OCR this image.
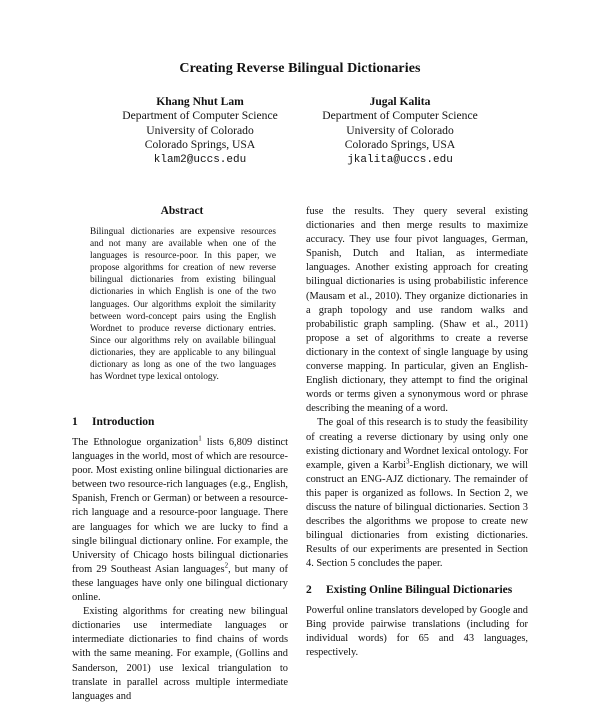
Creating Reverse Bilingual Dictionaries
Khang Nhut Lam
Department of Computer Science
University of Colorado
Colorado Springs, USA
klam2@uccs.edu
Jugal Kalita
Department of Computer Science
University of Colorado
Colorado Springs, USA
jkalita@uccs.edu
Abstract
Bilingual dictionaries are expensive resources and not many are available when one of the languages is resource-poor. In this paper, we propose algorithms for creation of new reverse bilingual dictionaries from existing bilingual dictionaries in which English is one of the two languages. Our algorithms exploit the similarity between word-concept pairs using the English Wordnet to produce reverse dictionary entries. Since our algorithms rely on available bilingual dictionaries, they are applicable to any bilingual dictionary as long as one of the two languages has Wordnet type lexical ontology.
1 Introduction

The Ethnologue organization$^1$ lists 6,809 distinct languages in the world, most of which are resource-poor. Most existing online bilingual dictionaries are between two resource-rich languages (e.g., English, Spanish, French or German) or between a resource-rich language and a resource-poor language. There are languages for which we are lucky to find a single bilingual dictionary online. For example, the University of Chicago hosts bilingual dictionaries from 29 Southeast Asian languages$^2$, but many of these languages have only one bilingual dictionary online.

Existing algorithms for creating new bilingual dictionaries use intermediate languages or intermediate dictionaries to find chains of words with the same meaning. For example, (Gollins and Sanderson, 2001) use lexical triangulation to translate in parallel across multiple intermediate languages and

fuse the results. They query several existing dictionaries and then merge results to maximize accuracy. They use four pivot languages, German, Spanish, Dutch and Italian, as intermediate languages. Another existing approach for creating bilingual dictionaries is using probabilistic inference (Mausam et al., 2010). They organize dictionaries in a graph topology and use random walks and probabilistic graph sampling. (Shaw et al., 2011) propose a set of algorithms to create a reverse dictionary in the context of single language by using converse mapping. In particular, given an English-English dictionary, they attempt to find the original words or terms given a synonymous word or phrase describing the meaning of a word.

The goal of this research is to study the feasibility of creating a reverse dictionary by using only one existing dictionary and Wordnet lexical ontology. For example, given a Karbi$^3$-English dictionary, we will construct an ENG-AJZ dictionary. The remainder of this paper is organized as follows. In Section 2, we discuss the nature of bilingual dictionaries. Section 3 describes the algorithms we propose to create new bilingual dictionaries from existing dictionaries. Results of our experiments are presented in Section 4. Section 5 concludes the paper.

2 Existing Online Bilingual Dictionaries

Powerful online translators developed by Google and Bing provide pairwise translations (including for individual words) for 65 and 43 languages, respectively.
